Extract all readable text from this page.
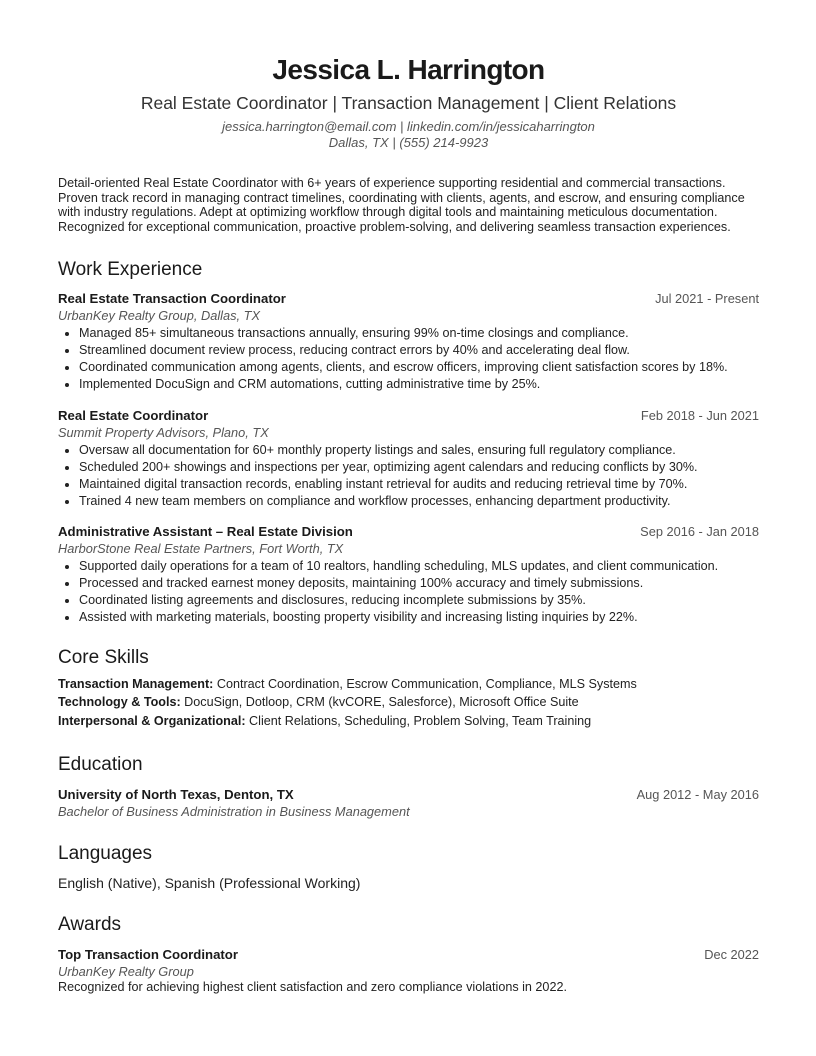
Jessica L. Harrington
Real Estate Coordinator | Transaction Management | Client Relations
jessica.harrington@email.com | linkedin.com/in/jessicaharrington
Dallas, TX | (555) 214-9923
Detail-oriented Real Estate Coordinator with 6+ years of experience supporting residential and commercial transactions. Proven track record in managing contract timelines, coordinating with clients, agents, and escrow, and ensuring compliance with industry regulations. Adept at optimizing workflow through digital tools and maintaining meticulous documentation. Recognized for exceptional communication, proactive problem-solving, and delivering seamless transaction experiences.
Work Experience
Real Estate Transaction Coordinator	Jul 2021 - Present
UrbanKey Realty Group, Dallas, TX
• Managed 85+ simultaneous transactions annually, ensuring 99% on-time closings and compliance.
• Streamlined document review process, reducing contract errors by 40% and accelerating deal flow.
• Coordinated communication among agents, clients, and escrow officers, improving client satisfaction scores by 18%.
• Implemented DocuSign and CRM automations, cutting administrative time by 25%.
Real Estate Coordinator	Feb 2018 - Jun 2021
Summit Property Advisors, Plano, TX
• Oversaw all documentation for 60+ monthly property listings and sales, ensuring full regulatory compliance.
• Scheduled 200+ showings and inspections per year, optimizing agent calendars and reducing conflicts by 30%.
• Maintained digital transaction records, enabling instant retrieval for audits and reducing retrieval time by 70%.
• Trained 4 new team members on compliance and workflow processes, enhancing department productivity.
Administrative Assistant – Real Estate Division	Sep 2016 - Jan 2018
HarborStone Real Estate Partners, Fort Worth, TX
• Supported daily operations for a team of 10 realtors, handling scheduling, MLS updates, and client communication.
• Processed and tracked earnest money deposits, maintaining 100% accuracy and timely submissions.
• Coordinated listing agreements and disclosures, reducing incomplete submissions by 35%.
• Assisted with marketing materials, boosting property visibility and increasing listing inquiries by 22%.
Core Skills
Transaction Management: Contract Coordination, Escrow Communication, Compliance, MLS Systems
Technology & Tools: DocuSign, Dotloop, CRM (kvCORE, Salesforce), Microsoft Office Suite
Interpersonal & Organizational: Client Relations, Scheduling, Problem Solving, Team Training
Education
University of North Texas, Denton, TX	Aug 2012 - May 2016
Bachelor of Business Administration in Business Management
Languages
English (Native), Spanish (Professional Working)
Awards
Top Transaction Coordinator	Dec 2022
UrbanKey Realty Group
Recognized for achieving highest client satisfaction and zero compliance violations in 2022.
